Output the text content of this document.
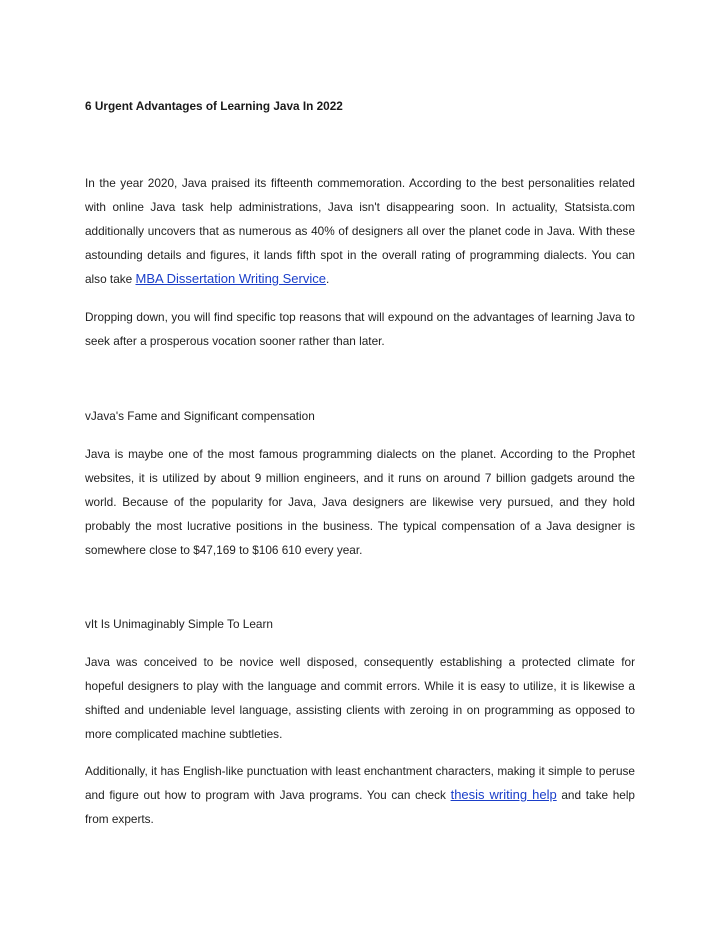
6 Urgent Advantages of Learning Java In 2022

In the year 2020, Java praised its fifteenth commemoration. According to the best personalities related with online Java task help administrations, Java isn't disappearing soon. In actuality, Statsista.com additionally uncovers that as numerous as 40% of designers all over the planet code in Java. With these astounding details and figures, it lands fifth spot in the overall rating of programming dialects. You can also take MBA Dissertation Writing Service.

Dropping down, you will find specific top reasons that will expound on the advantages of learning Java to seek after a prosperous vocation sooner rather than later.

vJava's Fame and Significant compensation

Java is maybe one of the most famous programming dialects on the planet. According to the Prophet websites, it is utilized by about 9 million engineers, and it runs on around 7 billion gadgets around the world. Because of the popularity for Java, Java designers are likewise very pursued, and they hold probably the most lucrative positions in the business. The typical compensation of a Java designer is somewhere close to $47,169 to $106 610 every year.

vIt Is Unimaginably Simple To Learn

Java was conceived to be novice well disposed, consequently establishing a protected climate for hopeful designers to play with the language and commit errors. While it is easy to utilize, it is likewise a shifted and undeniable level language, assisting clients with zeroing in on programming as opposed to more complicated machine subtleties.

Additionally, it has English-like punctuation with least enchantment characters, making it simple to peruse and figure out how to program with Java programs. You can check thesis writing help and take help from experts.
